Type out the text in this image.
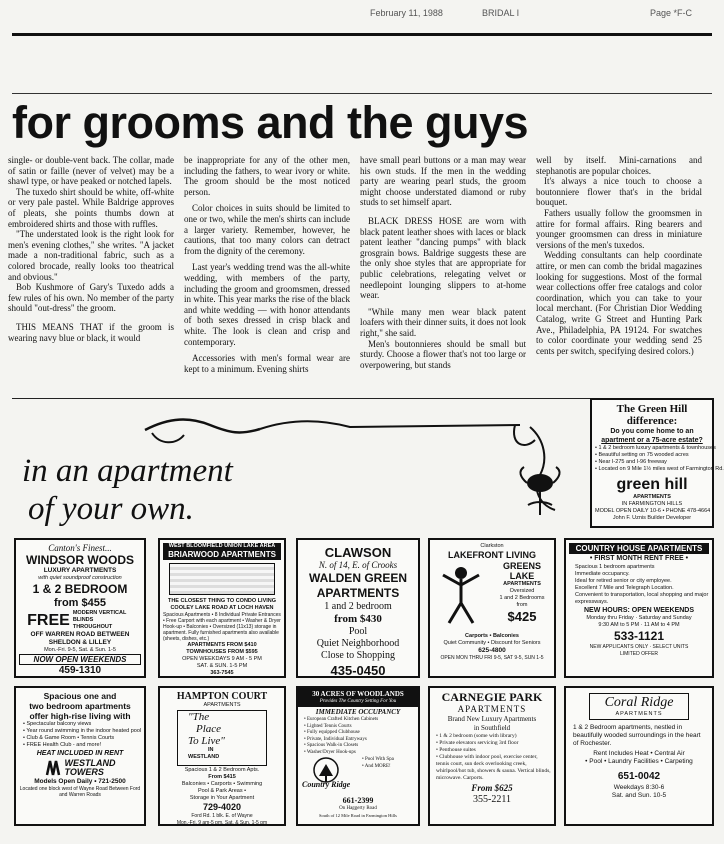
February 11, 1988	BRIDAL I	Page *F-C
for grooms and the guys

single- or double-vent back. The collar, made of satin or faille (never of velvet) may be a shawl type, or have peaked or notched lapels.

The tuxedo shirt should be white, off-white or very pale pastel. While Baldrige approves of pleats, she points thumbs down at embroidered shirts and those with ruffles.

"The understated look is the right look for men's evening clothes," she writes. "A jacket made a non-traditional fabric, such as a colored brocade, really looks too theatrical and obvious."

Bob Kushmore of Gary's Tuxedo adds a few rules of his own. No member of the party should "out-dress" the groom.

THIS MEANS THAT if the groom is wearing navy blue or black, it would

be inappropriate for any of the other men, including the fathers, to wear ivory or white. The groom should be the most noticed person.

Color choices in suits should be limited to one or two, while the men's shirts can include a larger variety. Remember, however, he cautions, that too many colors can detract from the dignity of the ceremony.

Last year's wedding trend was the all-white wedding, with members of the party, including the groom and groomsmen, dressed in white. This year marks the rise of the black and white wedding — with honor attendants of both sexes dressed in crisp black and white. The look is clean and crisp and contemporary.

Accessories with men's formal wear are kept to a minimum. Evening shirts

have small pearl buttons or a man may wear his own studs. If the men in the wedding party are wearing pearl studs, the groom might choose understated diamond or ruby studs to set himself apart.

BLACK DRESS HOSE are worn with black patent leather shoes with laces or black patent leather "dancing pumps" with black grosgrain bows. Baldrige suggests these are the only shoe styles that are appropriate for public celebrations, relegating velvet or needlepoint lounging slippers to at-home wear.

"While many men wear black patent loafers with their dinner suits, it does not look right," she said.

Men's boutonnieres should be small but sturdy. Choose a flower that's not too large or overpowering, but stands

well by itself. Mini-carnations and stephanotis are popular choices.

It's always a nice touch to choose a boutonniere flower that's in the bridal bouquet.

Fathers usually follow the groomsmen in attire for formal affairs. Ring bearers and younger groomsmen can dress in miniature versions of the men's tuxedos.

Wedding consultants can help coordinate attire, or men can comb the bridal magazines looking for suggestions. Most of the formal wear collections offer free catalogs and color coordination, which you can take to your local merchant. (For Christian Dior Wedding Catalog, write G Street and Hunting Park Ave., Philadelphia, PA 19124. For swatches to color coordinate your wedding send 25 cents per switch, specifying desired colors.)

in an apartment
of your own.
The Green Hill
difference:
Do you come home to an
apartment or a 75-acre estate?
• 1 & 2 bedroom luxury apartments & townhouses
• Beautiful setting on 75 wooded acres
• Near I-275 and I-96 freeway
• Located on 9 Mile 1½ miles west of Farmington Rd.
green hill
APARTMENTS
IN FARMINGTON HILLS
MODEL OPEN DAILY 10-6 • PHONE 478-4664
John F. Uznis Builder Developer
Canton's Finest...
WINDSOR WOODS
LUXURY APARTMENTS
with quiet soundproof construction
1 & 2 BEDROOM
from $455
FREE MODERN VERTICAL BLINDS THROUGHOUT
OFF WARREN ROAD BETWEEN
SHELDON & LILLEY
Mon.-Fri. 9-5, Sat. & Sun. 1-5
NOW OPEN WEEKENDS
459-1310
WEST BLOOMFIELD UNION LAKE AREA
BRIARWOOD APARTMENTS
THE CLOSEST THING TO CONDO LIVING
COOLEY LAKE ROAD AT LOCH HAVEN
Spacious Apartments • 8 Individual Private Entrances • Free Carport with each apartment • Washer & Dryer Hook-up • Balconies • Oversized (11x13) storage in apartment. Fully furnished apartments also available (sheets, dishes, etc.)
APARTMENTS FROM $410
TOWNHOUSES FROM $595
OPEN WEEKDAYS 9 AM - 5 PM
SAT. & SUN. 1-5 PM
363-7545
CLAWSON
N. of 14, E. of Crooks
WALDEN GREEN
APARTMENTS
1 and 2 bedroom
from $430
Pool
Quiet Neighborhood
Close to Shopping
435-0450
Clarkston
LAKEFRONT LIVING
GREENS
LAKE
APARTMENTS
Oversized
1 and 2 Bedrooms
from
$425
Carports • Balconies
Quiet Community • Discount for Seniors
625-4800
OPEN MON THRU FRI 9-5, SAT 9-5, SUN 1-5
COUNTRY HOUSE APARTMENTS
• FIRST MONTH RENT FREE •
Spacious 1 bedroom apartments
Immediate occupancy.
Ideal for retired senior or city employee.
Excellent 7 Mile and Telegraph Location.
Convenient to transportation, local shopping and major expressways.
NEW HOURS: OPEN WEEKENDS
Monday thru Friday · Saturday and Sunday
9:30 AM to 5 PM · 11 AM to 4 PM
533-1121
NEW APPLICANTS ONLY · SELECT UNITS
LIMITED OFFER
Spacious one and
two bedroom apartments
offer high-rise living with
• Spectacular balcony views
• Year round swimming in the indoor heated pool
• Club & Game Room • Tennis Courts
• FREE Health Club - and more!
HEAT INCLUDED IN RENT
WESTLAND
TOWERS
Models Open Daily • 721-2500
Located one block west of Wayne Road Between Ford and Warren Roads
HAMPTON COURT
APARTMENTS
"The
Place
To Live"
IN
WESTLAND
Spacious 1 & 2 Bedroom Apts.
From $415
Balconies • Carports • Swimming
Pool & Park Areas •
Storage in Your Apartment
729-4020
Ford Rd. 1 blk. E. of Wayne
Mon.-Fri. 9 am-5 pm, Sat. & Sun. 1-5 pm
30 ACRES OF WOODLANDS
Provides The Country Setting For You
IMMEDIATE OCCUPANCY
• European Crafted Kitchen Cabinets
• Lighted Tennis Courts
• Fully equipped Clubhouse
• Private, Individual Entryways
• Spacious Walk-in Closets
• Washer/Dryer Hook-ups
Country Ridge
• Pool With Spa
• And MORE!
661-2399
On Haggerty Road
South of 12 Mile Road in Farmington Hills
CARNEGIE PARK
APARTMENTS
Brand New Luxury Apartments
in Southfield
• 1 & 2 bedroom (some with library)
• Private elevators servicing 3rd floor
• Penthouse suites
• Clubhouse with indoor pool, exercise center, tennis court, sun deck overlooking creek, whirlpool/hot tub, showers & sauna. Vertical blinds, microwave. Carports.
From $625
355-2211
Coral Ridge
APARTMENTS
1 & 2 Bedroom apartments, nestled in beautifully wooded surroundings in the heart of Rochester.
Rent Includes Heat • Central Air
• Pool • Laundry Facilities • Carpeting
651-0042
Weekdays 8:30-6
Sat. and Sun. 10-5
